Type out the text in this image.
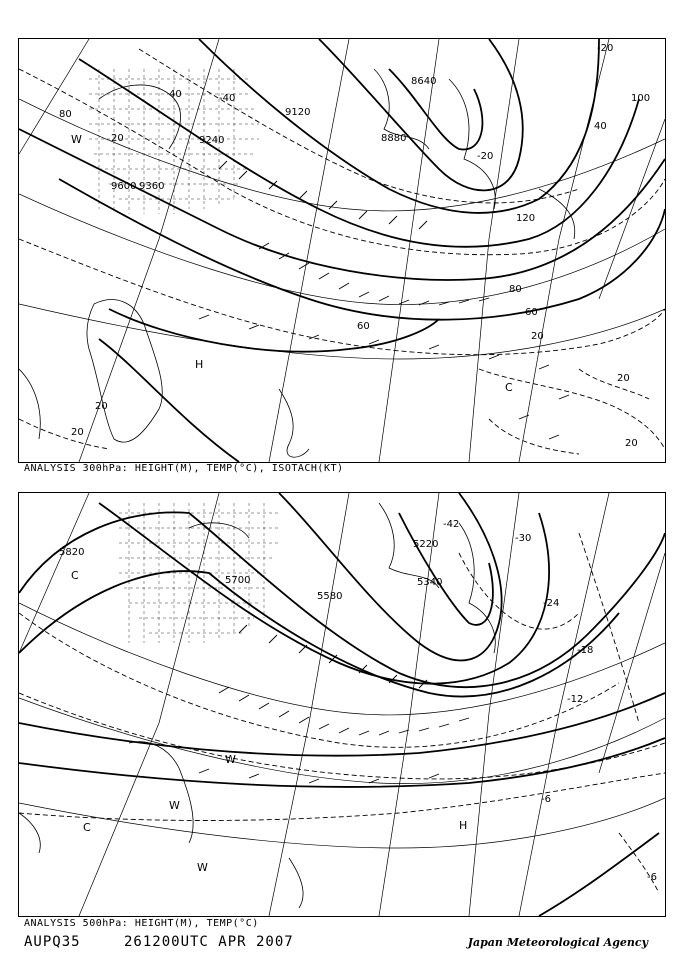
9120
9240
9360
9600
8640
8880
100
80
60
40
20
-20
-40
-20
120
W
H
C
40
60
80
20
20
20
20
20
ANALYSIS 300hPa: HEIGHT(M), TEMP(°C), ISOTACH(KT)
5820
5700
5580
5340
5220
-42
-30
-24
-18
-12
-6
-6
C
C	H
W
W
W
ANALYSIS 500hPa: HEIGHT(M), TEMP(°C)
AUPQ35	261200UTC APR 2007	Japan Meteorological Agency
